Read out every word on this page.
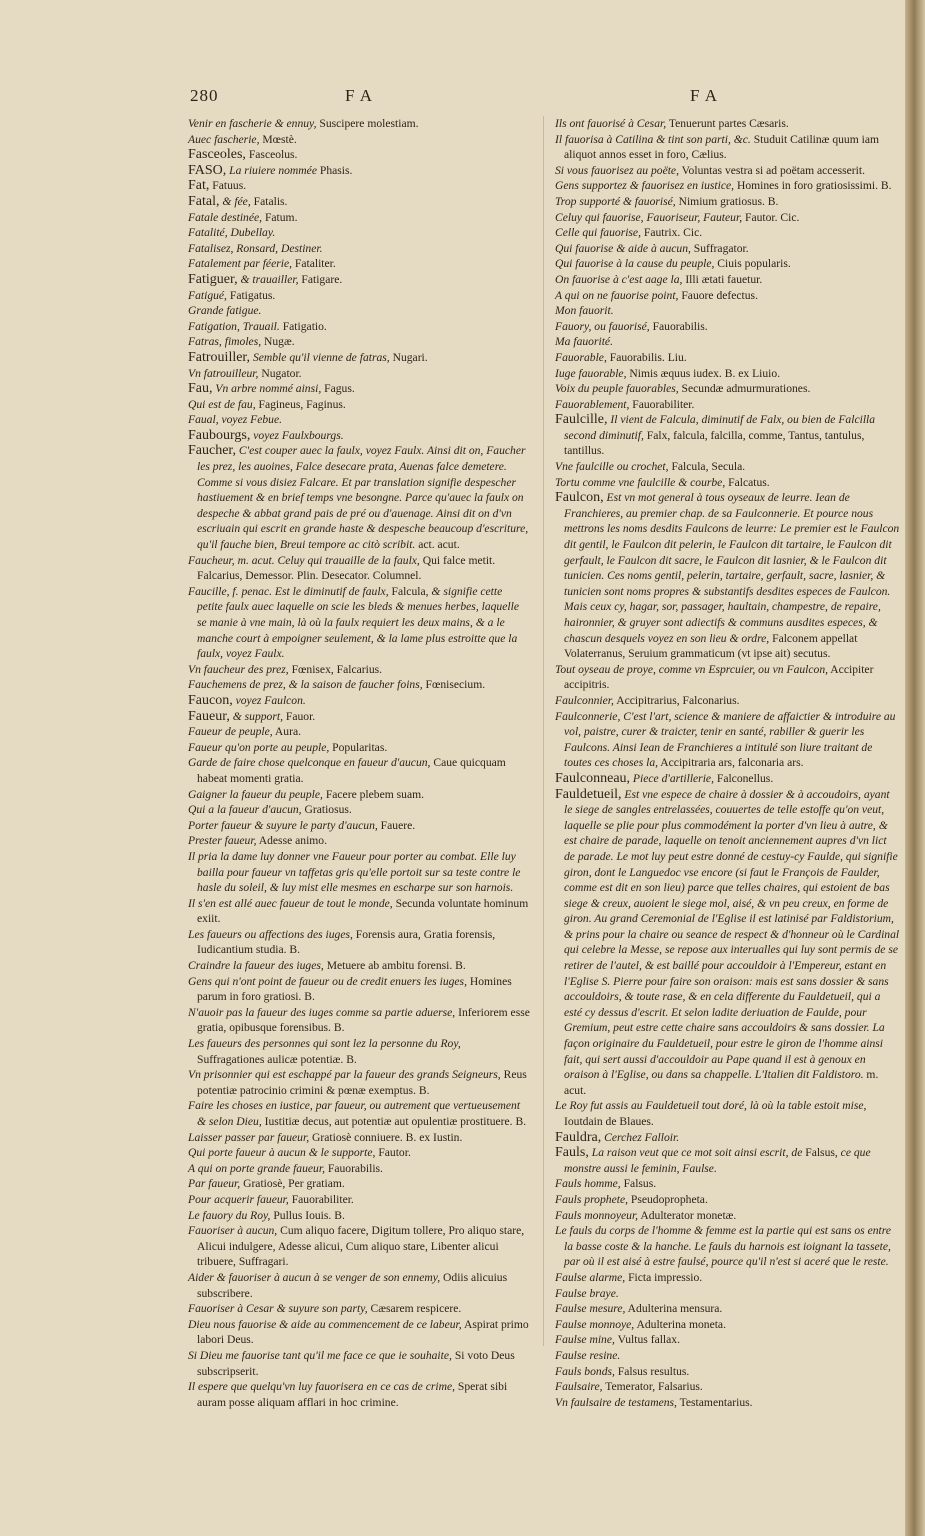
280	F A	F A

Venir en fascherie & ennuy, Suscipere molestiam.

Auec fascherie, Mœstè.

Fasceoles, Fasceolus.

FASO, La riuiere nommée Phasis.

Fat, Fatuus.

Fatal, & fée, Fatalis.

Fatale destinée, Fatum.

Fatalité, Dubellay.

Fatalisez, Ronsard, Destiner.

Fatalement par féerie, Fataliter.

Fatiguer, & trauailler, Fatigare.

Fatigué, Fatigatus.

Grande fatigue.

Fatigation, Trauail. Fatigatio.

Fatras, fimoles, Nugæ.

Fatrouiller, Semble qu'il vienne de fatras, Nugari.

Vn fatrouilleur, Nugator.

Fau, Vn arbre nommé ainsi, Fagus.

Qui est de fau, Fagineus, Faginus.

Faual, voyez Febue.

Faubourgs, voyez Faulxbourgs.

Faucher, C'est couper auec la faulx, voyez Faulx. Ainsi dit on, Faucher les prez, les auoines, Falce desecare prata, Auenas falce demetere. Comme si vous disiez Falcare. Et par translation signifie despescher hastiuement & en brief temps vne besongne. Parce qu'auec la faulx on despeche & abbat grand pais de pré ou d'auenage. Ainsi dit on d'vn escriuain qui escrit en grande haste & despesche beaucoup d'escriture, qu'il fauche bien, Breui tempore ac citò scribit. act. acut.

Faucheur, m. acut. Celuy qui trauaille de la faulx, Qui falce metit. Falcarius, Demessor. Plin. Desecator. Columnel.

Faucille, f. penac. Est le diminutif de faulx, Falcula, & signifie cette petite faulx auec laquelle on scie les bleds & menues herbes, laquelle se manie à vne main, là où la faulx requiert les deux mains, & a le manche court à empoigner seulement, & la lame plus estroitte que la faulx, voyez Faulx.

Vn faucheur des prez, Fœnisex, Falcarius.

Fauchemens de prez, & la saison de faucher foins, Fœnisecium.

Faucon, voyez Faulcon.

Faueur, & support, Fauor.

Faueur de peuple, Aura.

Faueur qu'on porte au peuple, Popularitas.

Garde de faire chose quelconque en faueur d'aucun, Caue quicquam habeat momenti gratia.

Gaigner la faueur du peuple, Facere plebem suam.

Qui a la faueur d'aucun, Gratiosus.

Porter faueur & suyure le party d'aucun, Fauere.

Prester faueur, Adesse animo.

Il pria la dame luy donner vne Faueur pour porter au combat. Elle luy bailla pour faueur vn taffetas gris qu'elle portoit sur sa teste contre le hasle du soleil, & luy mist elle mesmes en escharpe sur son harnois.

Il s'en est allé auec faueur de tout le monde, Secunda voluntate hominum exiit.

Les faueurs ou affections des iuges, Forensis aura, Gratia forensis, Iudicantium studia. B.

Craindre la faueur des iuges, Metuere ab ambitu forensi. B.

Gens qui n'ont point de faueur ou de credit enuers les iuges, Homines parum in foro gratiosi. B.

N'auoir pas la faueur des iuges comme sa partie aduerse, Inferiorem esse gratia, opibusque forensibus. B.

Les faueurs des personnes qui sont lez la personne du Roy, Suffragationes aulicæ potentiæ. B.

Vn prisonnier qui est eschappé par la faueur des grands Seigneurs, Reus potentiæ patrocinio crimini & pœnæ exemptus. B.

Faire les choses en iustice, par faueur, ou autrement que vertueusement & selon Dieu, Iustitiæ decus, aut potentiæ aut opulentiæ prostituere. B.

Laisser passer par faueur, Gratiosè conniuere. B. ex Iustin.

Qui porte faueur à aucun & le supporte, Fautor.

A qui on porte grande faueur, Fauorabilis.

Par faueur, Gratiosè, Per gratiam.

Pour acquerir faueur, Fauorabiliter.

Le fauory du Roy, Pullus Iouis. B.

Fauoriser à aucun, Cum aliquo facere, Digitum tollere, Pro aliquo stare, Alicui indulgere, Adesse alicui, Cum aliquo stare, Libenter alicui tribuere, Suffragari.

Aider & fauoriser à aucun à se venger de son ennemy, Odiis alicuius subscribere.

Fauoriser à Cesar & suyure son party, Cæsarem respicere.

Dieu nous fauorise & aide au commencement de ce labeur, Aspirat primo labori Deus.

Si Dieu me fauorise tant qu'il me face ce que ie souhaite, Si voto Deus subscripserit.

Il espere que quelqu'vn luy fauorisera en ce cas de crime, Sperat sibi auram posse aliquam afflari in hoc crimine.

Ils ont fauorisé à Cesar, Tenuerunt partes Cæsaris.

Il fauorisa à Catilina & tint son parti, &c. Studuit Catilinæ quum iam aliquot annos esset in foro, Cælius.

Si vous fauorisez au poëte, Voluntas vestra si ad poëtam accesserit.

Gens supportez & fauorisez en iustice, Homines in foro gratiosissimi. B.

Trop supporté & fauorisé, Nimium gratiosus. B.

Celuy qui fauorise, Fauoriseur, Fauteur, Fautor. Cic.

Celle qui fauorise, Fautrix. Cic.

Qui fauorise & aide à aucun, Suffragator.

Qui fauorise à la cause du peuple, Ciuis popularis.

On fauorise à c'est aage la, Illi ætati fauetur.

A qui on ne fauorise point, Fauore defectus.

Mon fauorit.

Fauory, ou fauorisé, Fauorabilis.

Ma fauorité.

Fauorable, Fauorabilis. Liu.

Iuge fauorable, Nimis æquus iudex. B. ex Liuio.

Voix du peuple fauorables, Secundæ admurmurationes.

Fauorablement, Fauorabiliter.

Faulcille, Il vient de Falcula, diminutif de Falx, ou bien de Falcilla second diminutif, Falx, falcula, falcilla, comme, Tantus, tantulus, tantillus.

Vne faulcille ou crochet, Falcula, Secula.

Tortu comme vne faulcille & courbe, Falcatus.

Faulcon, Est vn mot general à tous oyseaux de leurre. Iean de Franchieres, au premier chap. de sa Faulconnerie. Et pource nous mettrons les noms desdits Faulcons de leurre: Le premier est le Faulcon dit gentil, le Faulcon dit pelerin, le Faulcon dit tartaire, le Faulcon dit gerfault, le Faulcon dit sacre, le Faulcon dit lasnier, & le Faulcon dit tunicien. Ces noms gentil, pelerin, tartaire, gerfault, sacre, lasnier, & tunicien sont noms propres & substantifs desdites especes de Faulcon. Mais ceux cy, hagar, sor, passager, haultain, champestre, de repaire, haironnier, & gruyer sont adiectifs & communs ausdites especes, & chascun desquels voyez en son lieu & ordre, Falconem appellat Volaterranus, Seruium grammaticum (vt ipse ait) secutus.

Tout oyseau de proye, comme vn Esprcuier, ou vn Faulcon, Accipiter accipitris.

Faulconnier, Accipitrarius, Falconarius.

Faulconnerie, C'est l'art, science & maniere de affaictier & introduire au vol, paistre, curer & traicter, tenir en santé, rabiller & guerir les Faulcons. Ainsi Iean de Franchieres a intitulé son liure traitant de toutes ces choses la, Accipitraria ars, falconaria ars.

Faulconneau, Piece d'artillerie, Falconellus.

Fauldetueil, Est vne espece de chaire à dossier & à accoudoirs, ayant le siege de sangles entrelassées, couuertes de telle estoffe qu'on veut, laquelle se plie pour plus commodément la porter d'vn lieu à autre, & est chaire de parade, laquelle on tenoit anciennement aupres d'vn lict de parade. Le mot luy peut estre donné de cestuy-cy Faulde, qui signifie giron, dont le Languedoc vse encore (si faut le François de Faulder, comme est dit en son lieu) parce que telles chaires, qui estoient de bas siege & creux, auoient le siege mol, aisé, & vn peu creux, en forme de giron. Au grand Ceremonial de l'Eglise il est latinisé par Faldistorium, & prins pour la chaire ou seance de respect & d'honneur où le Cardinal qui celebre la Messe, se repose aux interualles qui luy sont permis de se retirer de l'autel, & est baillé pour accouldoir à l'Empereur, estant en l'Eglise S. Pierre pour faire son oraison: mais est sans dossier & sans accouldoirs, & toute rase, & en cela differente du Fauldetueil, qui a esté cy dessus d'escrit. Et selon ladite deriuation de Faulde, pour Gremium, peut estre cette chaire sans accouldoirs & sans dossier. La façon originaire du Fauldetueil, pour estre le giron de l'homme ainsi fait, qui sert aussi d'accouldoir au Pape quand il est à genoux en oraison à l'Eglise, ou dans sa chappelle. L'Italien dit Faldistoro. m. acut.

Le Roy fut assis au Fauldetueil tout doré, là où la table estoit mise, Ioutdain de Blaues.

Fauldra, Cerchez Falloir.

Fauls, La raison veut que ce mot soit ainsi escrit, de Falsus, ce que monstre aussi le feminin, Faulse.

Fauls homme, Falsus.

Fauls prophete, Pseudopropheta.

Fauls monnoyeur, Adulterator monetæ.

Le fauls du corps de l'homme & femme est la partie qui est sans os entre la basse coste & la hanche. Le fauls du harnois est ioignant la tassete, par où il est aisé à estre faulsé, pource qu'il n'est si aceré que le reste.

Faulse alarme, Ficta impressio.

Faulse braye.

Faulse mesure, Adulterina mensura.

Faulse monnoye, Adulterina moneta.

Faulse mine, Vultus fallax.

Faulse resine.

Fauls bonds, Falsus resultus.

Faulsaire, Temerator, Falsarius.

Vn faulsaire de testamens, Testamentarius.
